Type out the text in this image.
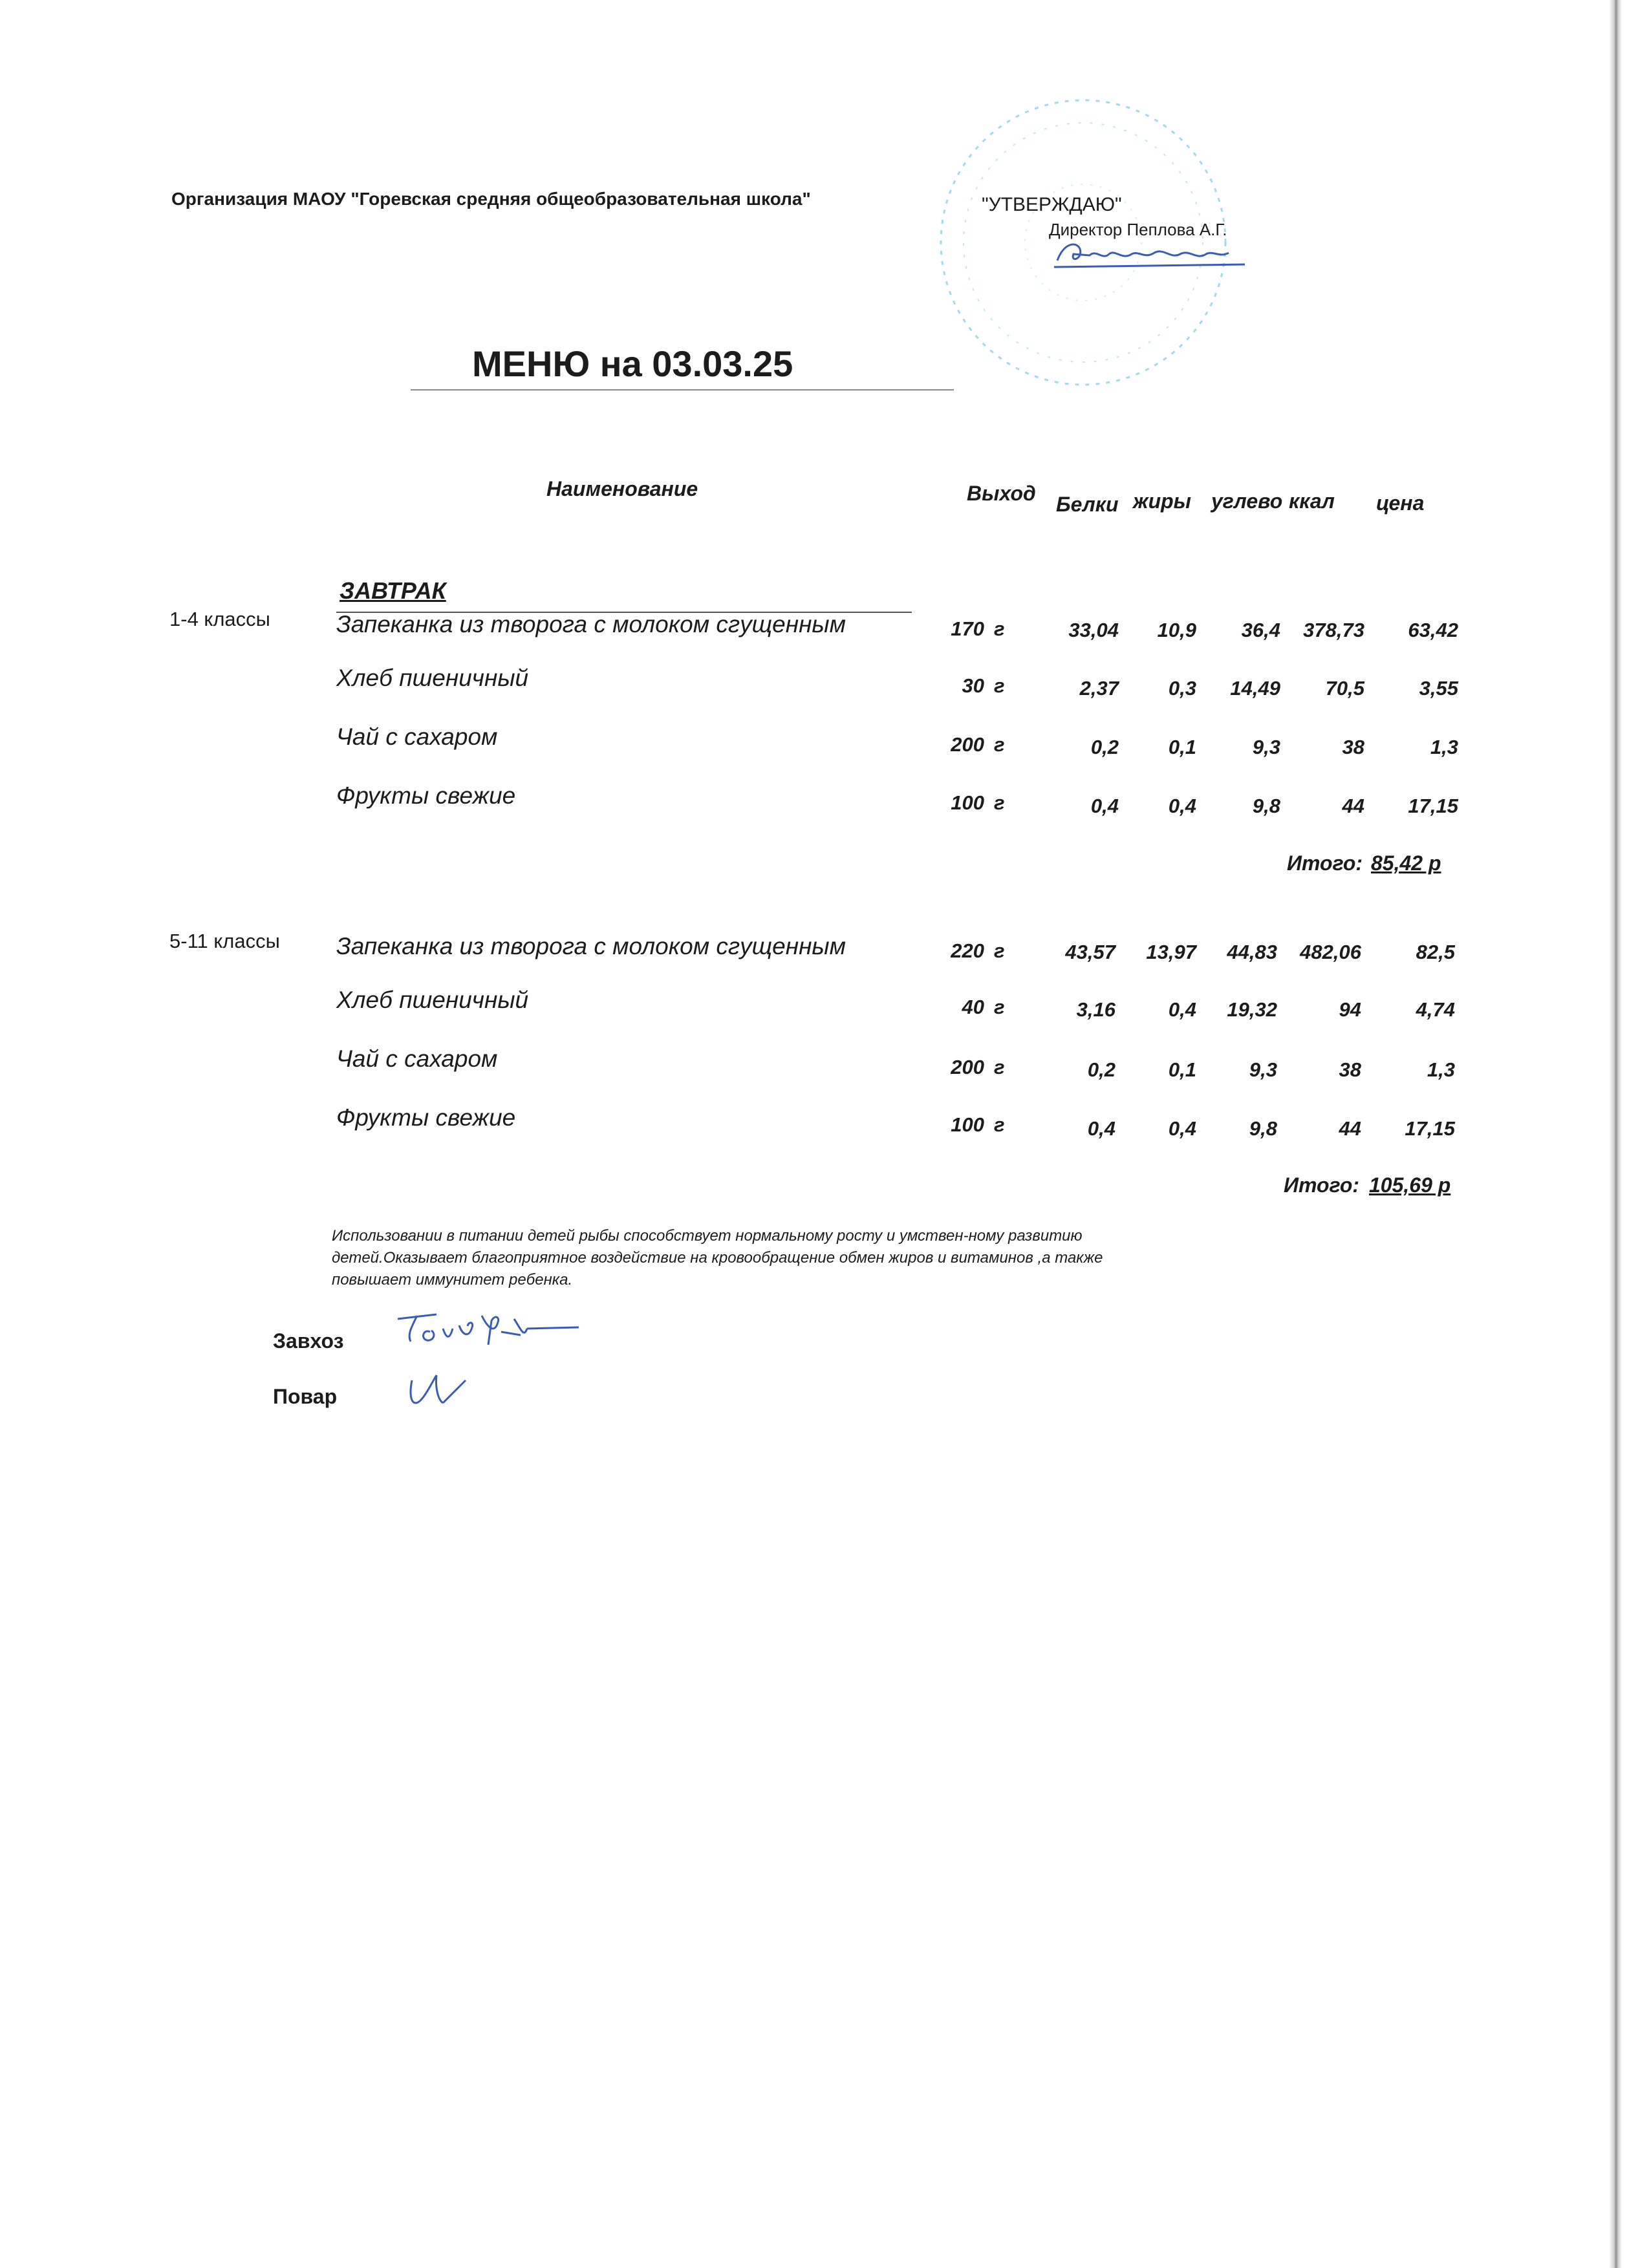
Организация МАОУ "Горевская средняя общеобразовательная школа"	"УТВЕРЖДАЮ"
Директор Пеплова А.Г.
МЕНЮ на 03.03.25
Наименование	Выход Белки жиры углево ккал цена
ЗАВТРАК
1-4 классы	Запеканка из творога с молоком сгущенным	170 г	33,04	10,9	36,4	378,73	63,42
Хлеб пшеничный	30 г	2,37	0,3	14,49	70,5	3,55
Чай с сахаром	200 г	0,2	0,1	9,3	38	1,3
Фрукты свежие	100 г	0,4	0,4	9,8	44	17,15
Итого: 85,42 р
5-11 классы Запеканка из творога с молоком сгущенным	220 г	43,57	13,97	44,83	482,06	82,5
Хлеб пшеничный	40 г	3,16	0,4	19,32	94	4,74
Чай с сахаром	200 г	0,2	0,1	9,3	38	1,3
Фрукты свежие	100 г	0,4	0,4	9,8	44	17,15
Итого: 105,69 р
Использовании в питании детей рыбы способствует нормальному росту и умствен-ному развитию детей.Оказывает благоприятное воздействие на кровообращение обмен жиров и витаминов ,а также повышает иммунитет ребенка.
Завхоз
Повар
